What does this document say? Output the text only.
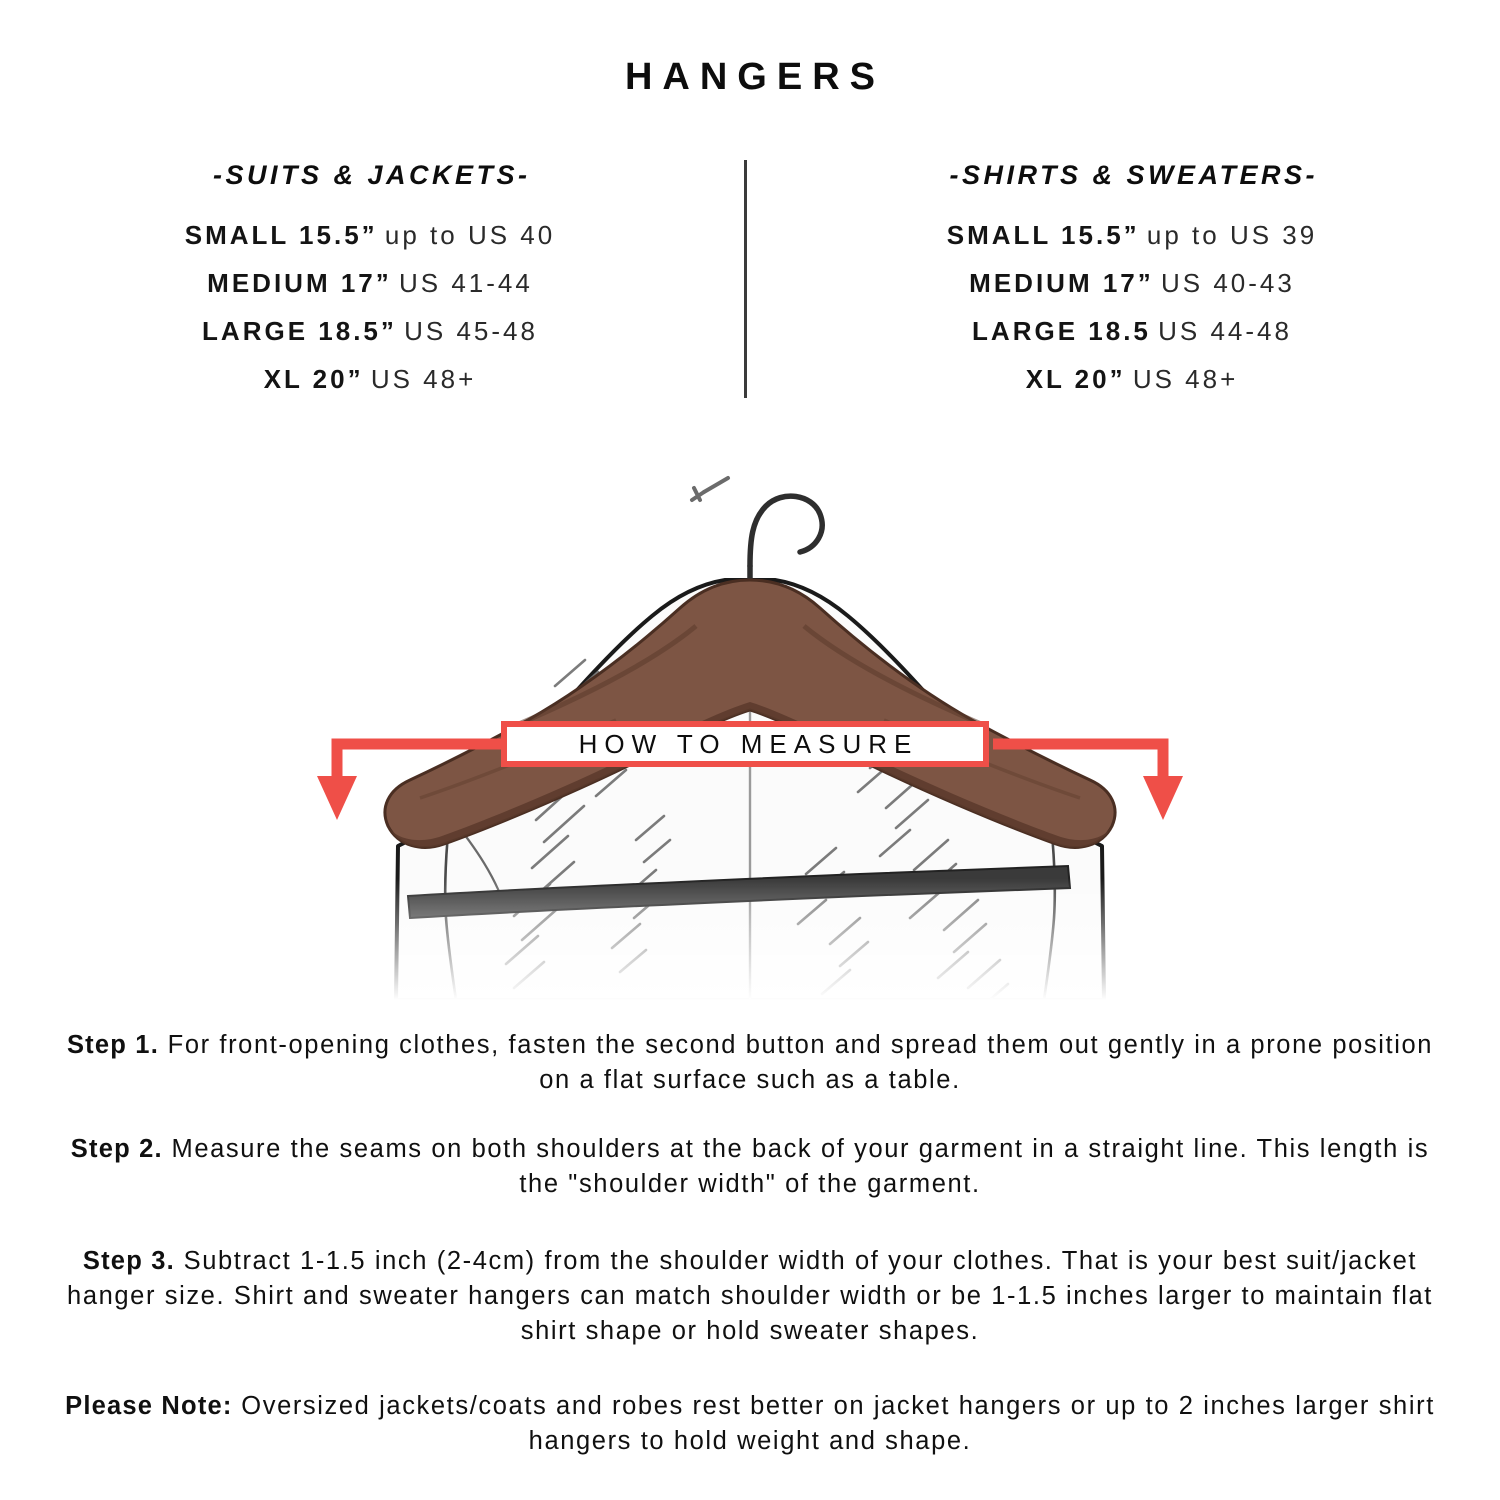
HANGERS
-SUITS & JACKETS-
SMALL 15.5” up to US 40
MEDIUM 17” US 41-44
LARGE 18.5” US 45-48
XL 20” US 48+
-SHIRTS & SWEATERS-
SMALL 15.5” up to US 39
MEDIUM 17” US 40-43
LARGE 18.5 US 44-48
XL 20” US 48+
HOW TO MEASURE
Step 1. For front-opening clothes, fasten the second button and spread them out gently in a prone position on a flat surface such as a table.
Step 2. Measure the seams on both shoulders at the back of your garment in a straight line. This length is the "shoulder width" of the garment.
Step 3. Subtract 1-1.5 inch (2-4cm) from the shoulder width of your clothes. That is your best suit/jacket hanger size. Shirt and sweater hangers can match shoulder width or be 1-1.5 inches larger to maintain flat shirt shape or hold sweater shapes.
Please Note: Oversized jackets/coats and robes rest better on jacket hangers or up to 2 inches larger shirt hangers to hold weight and shape.
